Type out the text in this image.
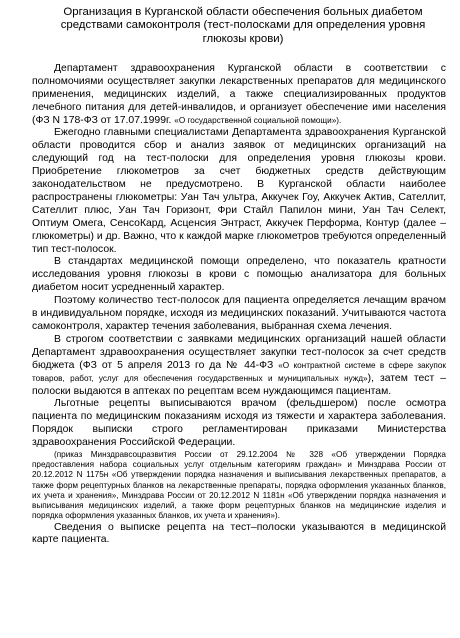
Организация в Курганской области обеспечения больных диабетом средствами самоконтроля (тест-полосками для определения уровня глюкозы крови)

Департамент здравоохранения Курганской области в соответствии с полномочиями осуществляет закупки лекарственных препаратов для медицинского применения, медицинских изделий, а также специализированных продуктов лечебного питания для детей-инвалидов, и организует обеспечение ими населения (ФЗ N 178-ФЗ от 17.07.1999г. «О государственной социальной помощи»).

Ежегодно главными специалистами Департамента здравоохранения Курганской области проводится сбор и анализ заявок от медицинских организаций на следующий год на тест-полоски для определения уровня глюкозы крови. Приобретение глюкометров за счет бюджетных средств действующим законодательством не предусмотрено. В Курганской области наиболее распространены глюкометры: Уан Тач ультра, Аккучек Гоу, Аккучек Актив, Сателлит, Сателлит плюс, Уан Тач Горизонт, Фри Стайл Папилон мини, Уан Тач Селект, Оптиум Омега, СенсоКард, Асценсия Энтраст, Аккучек Перформа, Контур (далее – глюкометры) и др. Важно, что к каждой марке глюкометров требуются определенный тип тест-полосок.

В стандартах медицинской помощи определено, что показатель кратности исследования уровня глюкозы в крови с помощью анализатора для больных диабетом носит усредненный характер.

Поэтому количество тест-полосок для пациента определяется лечащим врачом в индивидуальном порядке, исходя из медицинских показаний. Учитываются частота самоконтроля, характер течения заболевания, выбранная схема лечения.

В строгом соответствии с заявками медицинских организаций нашей области Департамент здравоохранения осуществляет закупки тест-полосок за счет средств бюджета (ФЗ от 5 апреля 2013 го да № 44-ФЗ «О контрактной системе в сфере закупок товаров, работ, услуг для обеспечения государственных и муниципальных нужд»), затем тест – полоски выдаются в аптеках по рецептам всем нуждающимся пациентам.

Льготные рецепты выписываются врачом (фельдшером) после осмотра пациента по медицинским показаниям исходя из тяжести и характера заболевания. Порядок выписки строго регламентирован приказами Министерства здравоохранения Российской Федерации.

(приказ Минздравсоцразвития России от 29.12.2004 № 328 «Об утверждении Порядка предоставления набора социальных услуг отдельным категориям граждан» и Минздрава России от 20.12.2012 N 1175н «Об утверждении порядка назначения и выписывания лекарственных препаратов, а также форм рецептурных бланков на лекарственные препараты, порядка оформления указанных бланков, их учета и хранения», Минздрава России от 20.12.2012 N 1181н «Об утверждении порядка назначения и выписывания медицинских изделий, а также форм рецептурных бланков на медицинские изделия и порядка оформления указанных бланков, их учета и хранения»).

Сведения о выписке рецепта на тест–полоски указываются в медицинской карте пациента.
